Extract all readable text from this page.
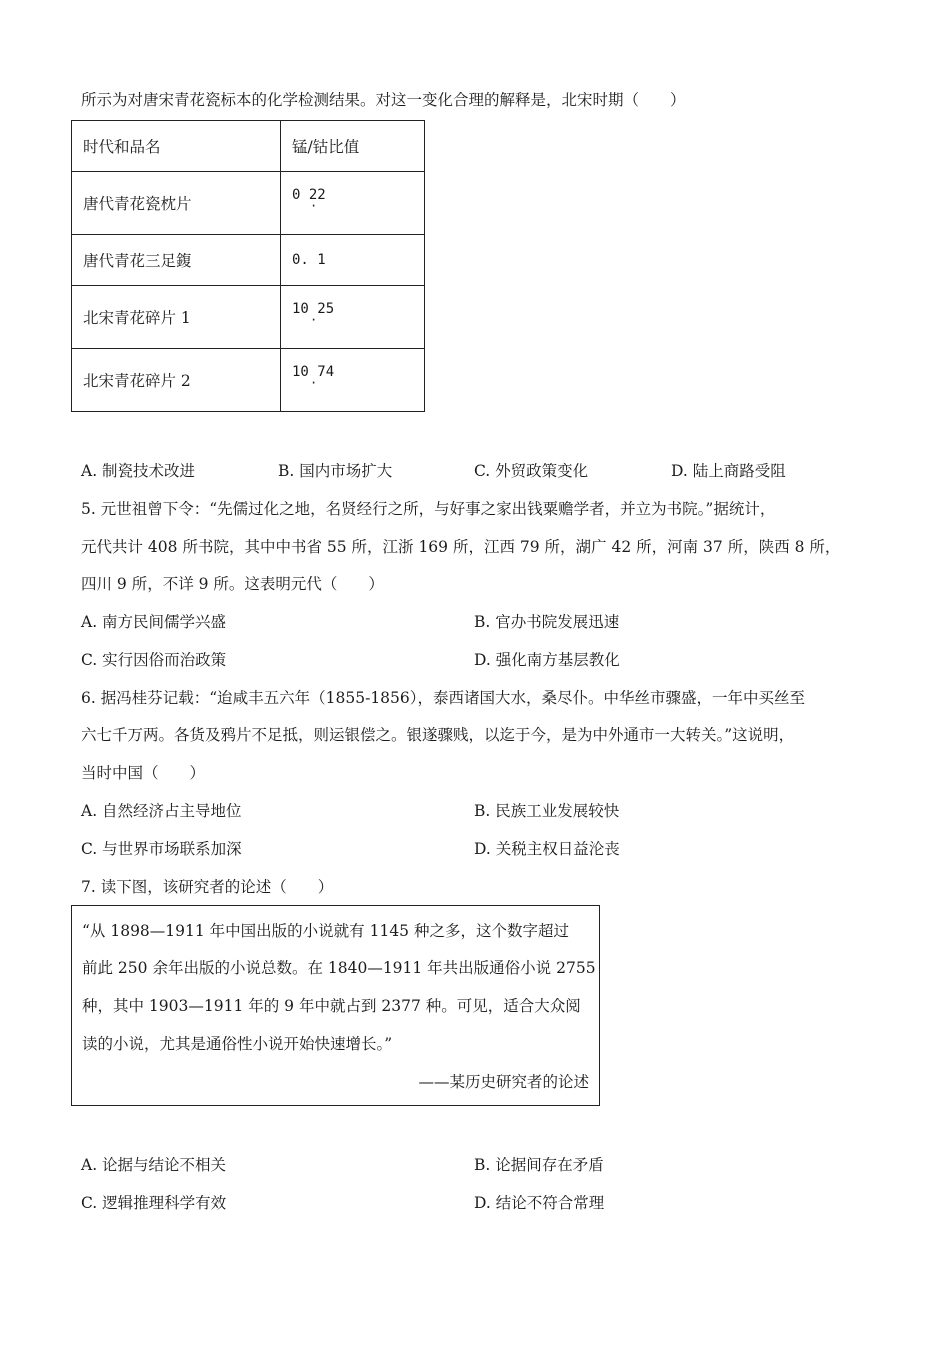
所示为对唐宋青花瓷标本的化学检测结果。对这一变化合理的解释是，北宋时期（　　）
时代和品名	锰/钴比值
唐代青花瓷枕片	0 22 ·
唐代青花三足鍑	0. 1
北宋青花碎片 1	10 25 ·
北宋青花碎片 2	10 74 ·
A. 制瓷技术改进	B. 国内市场扩大	C. 外贸政策变化	D. 陆上商路受阻
5. 元世祖曾下令：“先儒过化之地，名贤经行之所，与好事之家出钱粟赡学者，并立为书院。”据统计，
元代共计 408 所书院，其中中书省 55 所，江浙 169 所，江西 79 所，湖广 42 所，河南 37 所，陕西 8 所，
四川 9 所，不详 9 所。这表明元代（　　）
A. 南方民间儒学兴盛	B. 官办书院发展迅速
C. 实行因俗而治政策	D. 强化南方基层教化
6. 据冯桂芬记载：“迨咸丰五六年（1855-1856），泰西诸国大水，桑尽仆。中华丝市骤盛，一年中买丝至
六七千万两。各货及鸦片不足抵，则运银偿之。银遂骤贱，以迄于今，是为中外通市一大转关。”这说明，
当时中国（　　）
A. 自然经济占主导地位	B. 民族工业发展较快
C. 与世界市场联系加深	D. 关税主权日益沦丧
7. 读下图，该研究者的论述（　　）
“从 1898—1911 年中国出版的小说就有 1145 种之多，这个数字超过
前此 250 余年出版的小说总数。在 1840—1911 年共出版通俗小说 2755
种，其中 1903—1911 年的 9 年中就占到 2377 种。可见，适合大众阅
读的小说，尤其是通俗性小说开始快速增长。”
——某历史研究者的论述
A. 论据与结论不相关	B. 论据间存在矛盾
C. 逻辑推理科学有效	D. 结论不符合常理
